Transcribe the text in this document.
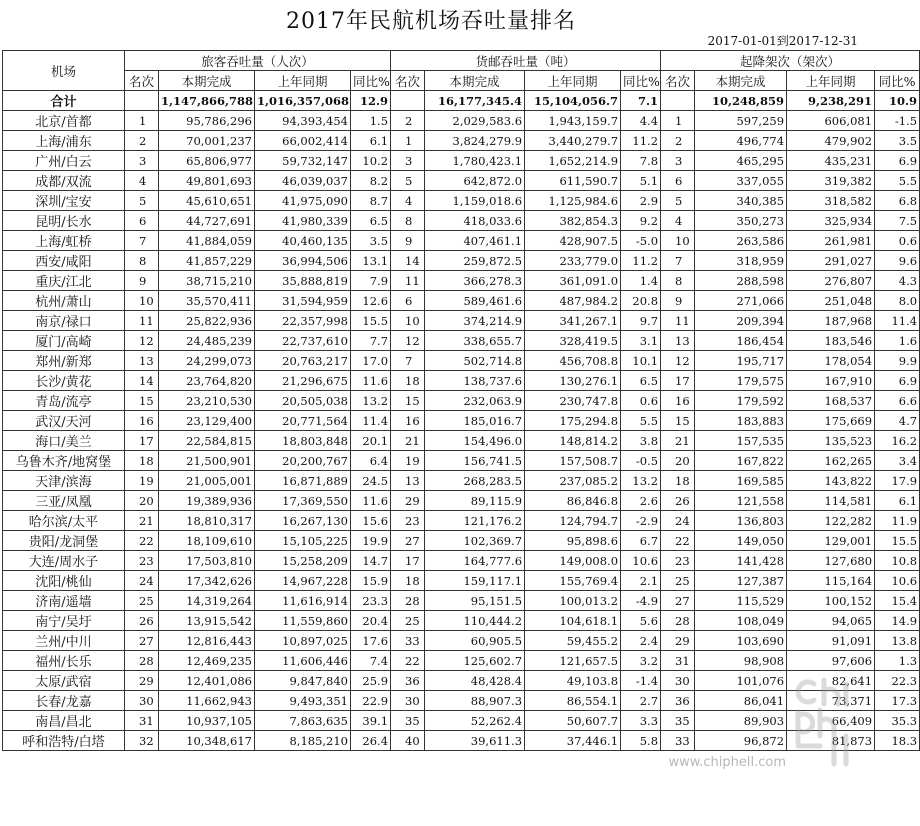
2017年民航机场吞吐量排名
2017-01-01到2017-12-31
机场	旅客吞吐量（人次）				货邮吞吐量（吨）				起降架次（架次）			
	名次	本期完成	上年同期	同比%	名次	本期完成	上年同期	同比%	名次	本期完成	上年同期	同比%
合计		1,147,866,788	1,016,357,068	12.9		16,177,345.4	15,104,056.7	7.1		10,248,859	9,238,291	10.9
北京/首都	1	95,786,296	94,393,454	1.5	2	2,029,583.6	1,943,159.7	4.4	1	597,259	606,081	-1.5
上海/浦东	2	70,001,237	66,002,414	6.1	1	3,824,279.9	3,440,279.7	11.2	2	496,774	479,902	3.5
广州/白云	3	65,806,977	59,732,147	10.2	3	1,780,423.1	1,652,214.9	7.8	3	465,295	435,231	6.9
成都/双流	4	49,801,693	46,039,037	8.2	5	642,872.0	611,590.7	5.1	6	337,055	319,382	5.5
深圳/宝安	5	45,610,651	41,975,090	8.7	4	1,159,018.6	1,125,984.6	2.9	5	340,385	318,582	6.8
昆明/长水	6	44,727,691	41,980,339	6.5	8	418,033.6	382,854.3	9.2	4	350,273	325,934	7.5
上海/虹桥	7	41,884,059	40,460,135	3.5	9	407,461.1	428,907.5	-5.0	10	263,586	261,981	0.6
西安/咸阳	8	41,857,229	36,994,506	13.1	14	259,872.5	233,779.0	11.2	7	318,959	291,027	9.6
重庆/江北	9	38,715,210	35,888,819	7.9	11	366,278.3	361,091.0	1.4	8	288,598	276,807	4.3
杭州/萧山	10	35,570,411	31,594,959	12.6	6	589,461.6	487,984.2	20.8	9	271,066	251,048	8.0
南京/禄口	11	25,822,936	22,357,998	15.5	10	374,214.9	341,267.1	9.7	11	209,394	187,968	11.4
厦门/高崎	12	24,485,239	22,737,610	7.7	12	338,655.7	328,419.5	3.1	13	186,454	183,546	1.6
郑州/新郑	13	24,299,073	20,763,217	17.0	7	502,714.8	456,708.8	10.1	12	195,717	178,054	9.9
长沙/黄花	14	23,764,820	21,296,675	11.6	18	138,737.6	130,276.1	6.5	17	179,575	167,910	6.9
青岛/流亭	15	23,210,530	20,505,038	13.2	15	232,063.9	230,747.8	0.6	16	179,592	168,537	6.6
武汉/天河	16	23,129,400	20,771,564	11.4	16	185,016.7	175,294.8	5.5	15	183,883	175,669	4.7
海口/美兰	17	22,584,815	18,803,848	20.1	21	154,496.0	148,814.2	3.8	21	157,535	135,523	16.2
乌鲁木齐/地窝堡	18	21,500,901	20,200,767	6.4	19	156,741.5	157,508.7	-0.5	20	167,822	162,265	3.4
天津/滨海	19	21,005,001	16,871,889	24.5	13	268,283.5	237,085.2	13.2	18	169,585	143,822	17.9
三亚/凤凰	20	19,389,936	17,369,550	11.6	29	89,115.9	86,846.8	2.6	26	121,558	114,581	6.1
哈尔滨/太平	21	18,810,317	16,267,130	15.6	23	121,176.2	124,794.7	-2.9	24	136,803	122,282	11.9
贵阳/龙洞堡	22	18,109,610	15,105,225	19.9	27	102,369.7	95,898.6	6.7	22	149,050	129,001	15.5
大连/周水子	23	17,503,810	15,258,209	14.7	17	164,777.6	149,008.0	10.6	23	141,428	127,680	10.8
沈阳/桃仙	24	17,342,626	14,967,228	15.9	18	159,117.1	155,769.4	2.1	25	127,387	115,164	10.6
济南/遥墙	25	14,319,264	11,616,914	23.3	28	95,151.5	100,013.2	-4.9	27	115,529	100,152	15.4
南宁/吴圩	26	13,915,542	11,559,860	20.4	25	110,444.2	104,618.1	5.6	28	108,049	94,065	14.9
兰州/中川	27	12,816,443	10,897,025	17.6	33	60,905.5	59,455.2	2.4	29	103,690	91,091	13.8
福州/长乐	28	12,469,235	11,606,446	7.4	22	125,602.7	121,657.5	3.2	31	98,908	97,606	1.3
太原/武宿	29	12,401,086	9,847,840	25.9	36	48,428.4	49,103.8	-1.4	30	101,076	82,641	22.3
长春/龙嘉	30	11,662,943	9,493,351	22.9	30	88,907.3	86,554.1	2.7	36	86,041	73,371	17.3
南昌/昌北	31	10,937,105	7,863,635	39.1	35	52,262.4	50,607.7	3.3	35	89,903	66,409	35.3
呼和浩特/白塔	32	10,348,617	8,185,210	26.4	40	39,611.3	37,446.1	5.8	33	96,872	81,873	18.3
www.chiphell.com
